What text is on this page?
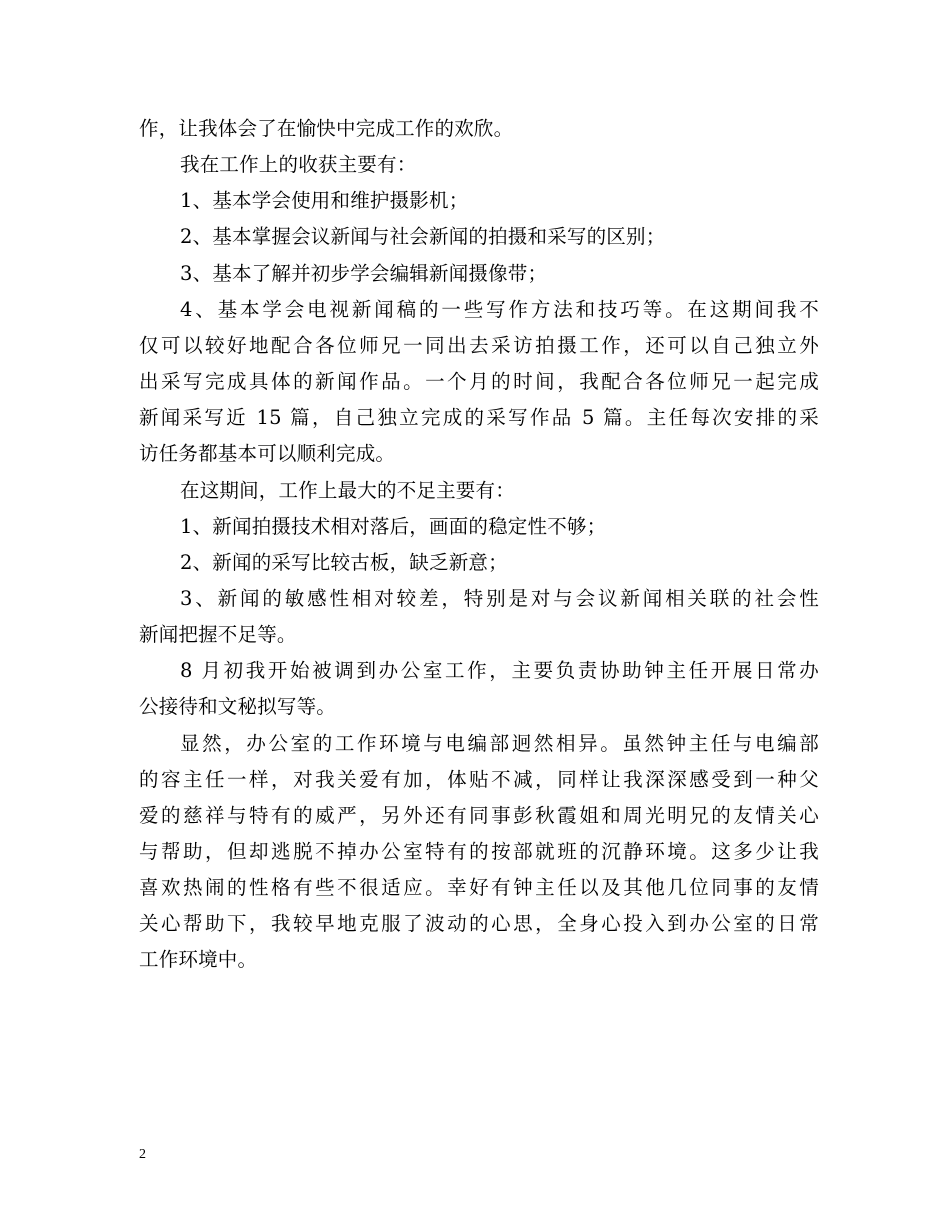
作，让我体会了在愉快中完成工作的欢欣。
我在工作上的收获主要有：
1、基本学会使用和维护摄影机；
2、基本掌握会议新闻与社会新闻的拍摄和采写的区别；
3、基本了解并初步学会编辑新闻摄像带；
4、基本学会电视新闻稿的一些写作方法和技巧等。在这期间我不
仅可以较好地配合各位师兄一同出去采访拍摄工作，还可以自己独立外
出采写完成具体的新闻作品。一个月的时间，我配合各位师兄一起完成
新闻采写近 15 篇，自己独立完成的采写作品 5 篇。主任每次安排的采
访任务都基本可以顺利完成。
在这期间，工作上最大的不足主要有：
1、新闻拍摄技术相对落后，画面的稳定性不够；
2、新闻的采写比较古板，缺乏新意；
3、新闻的敏感性相对较差，特别是对与会议新闻相关联的社会性
新闻把握不足等。
8 月初我开始被调到办公室工作，主要负责协助钟主任开展日常办
公接待和文秘拟写等。
显然，办公室的工作环境与电编部迥然相异。虽然钟主任与电编部
的容主任一样，对我关爱有加，体贴不减，同样让我深深感受到一种父
爱的慈祥与特有的威严，另外还有同事彭秋霞姐和周光明兄的友情关心
与帮助，但却逃脱不掉办公室特有的按部就班的沉静环境。这多少让我
喜欢热闹的性格有些不很适应。幸好有钟主任以及其他几位同事的友情
关心帮助下，我较早地克服了波动的心思，全身心投入到办公室的日常
工作环境中。
2
